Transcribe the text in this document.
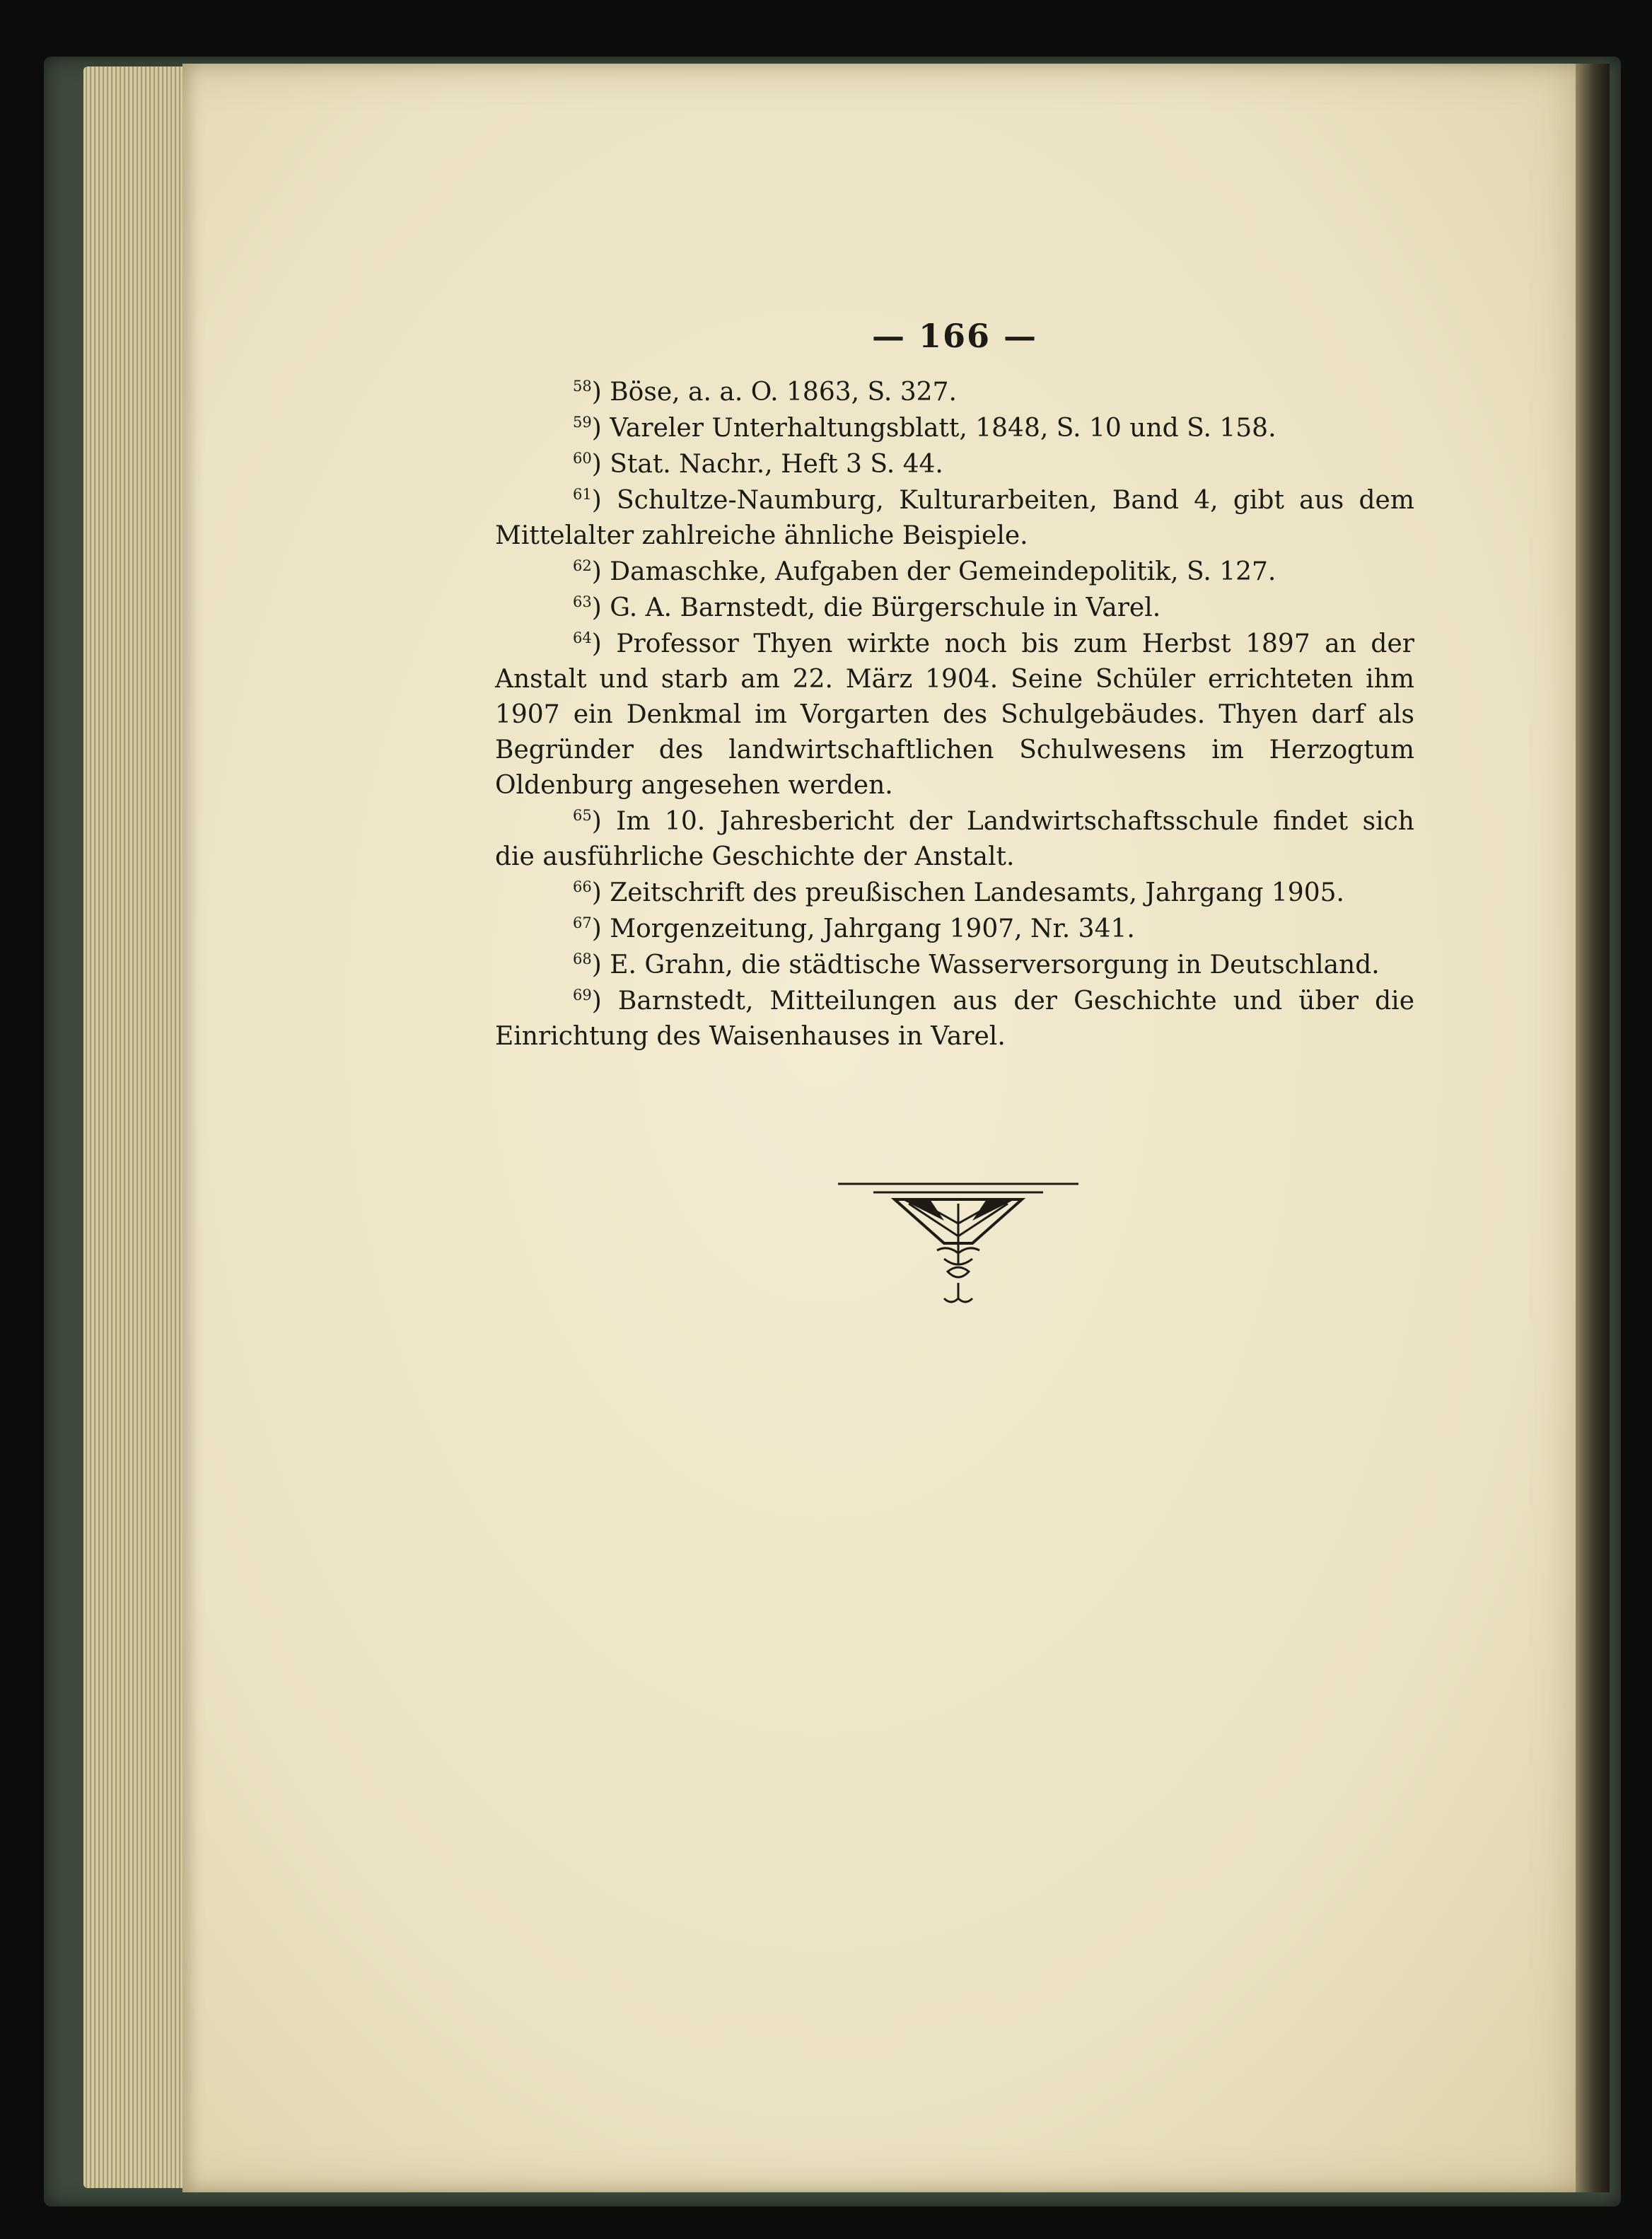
— 166 —

$^{58}$) Böse, a. a. O. 1863, S. 327.

$^{59}$) Vareler Unterhaltungsblatt, 1848, S. 10 und S. 158.

$^{60}$) Stat. Nachr., Heft 3 S. 44.

$^{61}$) Schultze-Naumburg, Kulturarbeiten, Band 4, gibt aus dem Mittelalter zahlreiche ähnliche Beispiele.

$^{62}$) Damaschke, Aufgaben der Gemeindepolitik, S. 127.

$^{63}$) G. A. Barnstedt, die Bürgerschule in Varel.

$^{64}$) Professor Thyen wirkte noch bis zum Herbst 1897 an der Anstalt und starb am 22. März 1904. Seine Schüler errichteten ihm 1907 ein Denkmal im Vorgarten des Schulgebäudes. Thyen darf als Begründer des landwirtschaftlichen Schulwesens im Herzogtum Oldenburg angesehen werden.

$^{65}$) Im 10. Jahresbericht der Landwirtschaftsschule findet sich die ausführliche Geschichte der Anstalt.

$^{66}$) Zeitschrift des preußischen Landesamts, Jahrgang 1905.

$^{67}$) Morgenzeitung, Jahrgang 1907, Nr. 341.

$^{68}$) E. Grahn, die städtische Wasserversorgung in Deutschland.

$^{69}$) Barnstedt, Mitteilungen aus der Geschichte und über die Einrichtung des Waisenhauses in Varel.
